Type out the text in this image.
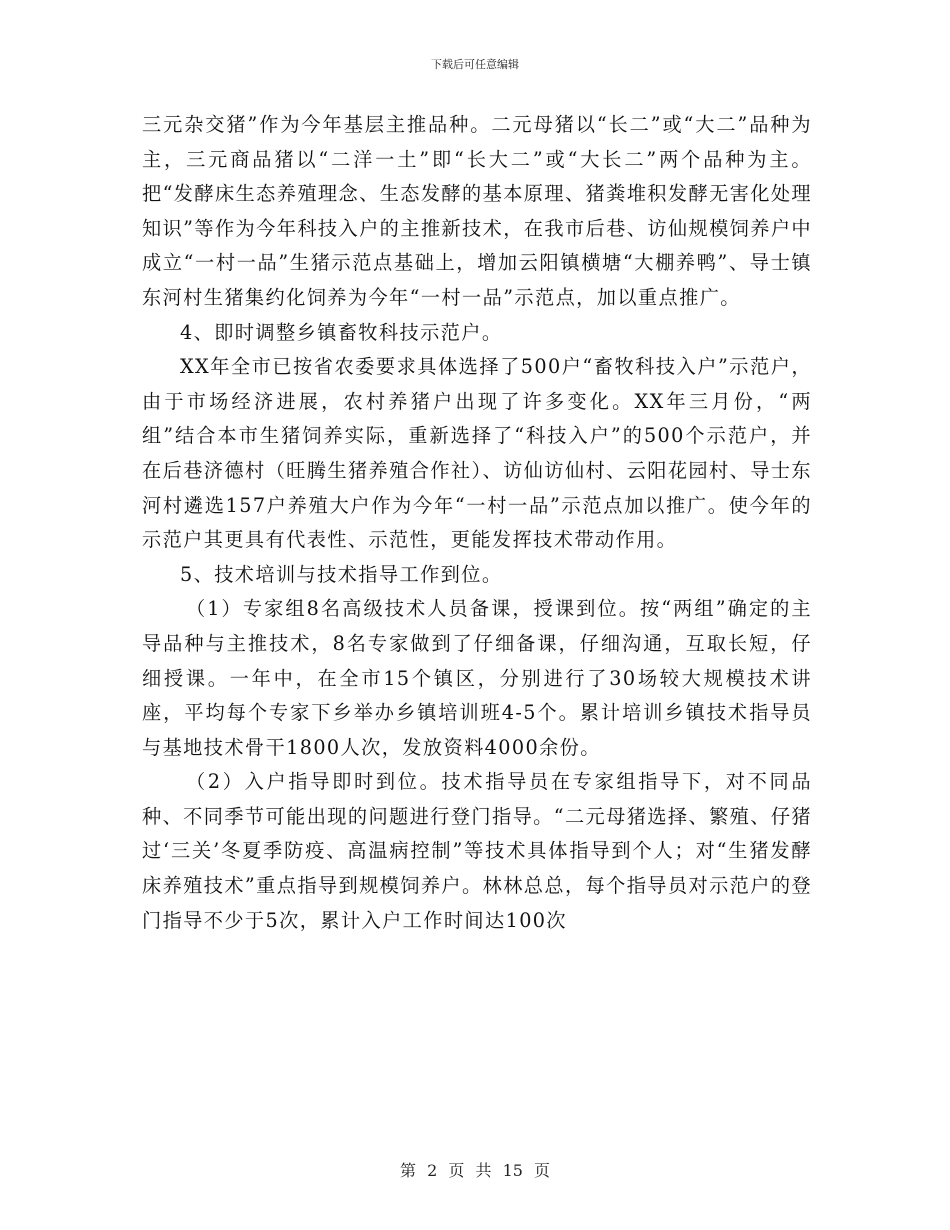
下载后可任意编辑

三元杂交猪”作为今年基层主推品种。二元母猪以“长二”或“大二”品种为主，三元商品猪以“二洋一土”即“长大二”或“大长二”两个品种为主。把“发酵床生态养殖理念、生态发酵的基本原理、猪粪堆积发酵无害化处理知识”等作为今年科技入户的主推新技术，在我市后巷、访仙规模饲养户中成立“一村一品”生猪示范点基础上，增加云阳镇横塘“大棚养鸭”、导士镇东河村生猪集约化饲养为今年“一村一品”示范点，加以重点推广。

4、即时调整乡镇畜牧科技示范户。

XX年全市已按省农委要求具体选择了500户“畜牧科技入户”示范户，由于市场经济进展，农村养猪户出现了许多变化。XX年三月份，“两组”结合本市生猪饲养实际，重新选择了“科技入户”的500个示范户，并在后巷济德村（旺腾生猪养殖合作社）、访仙访仙村、云阳花园村、导士东河村遴选157户养殖大户作为今年“一村一品”示范点加以推广。使今年的示范户其更具有代表性、示范性，更能发挥技术带动作用。

5、技术培训与技术指导工作到位。

（1）专家组8名高级技术人员备课，授课到位。按“两组”确定的主导品种与主推技术，8名专家做到了仔细备课，仔细沟通，互取长短，仔细授课。一年中，在全市15个镇区，分别进行了30场较大规模技术讲座，平均每个专家下乡举办乡镇培训班4-5个。累计培训乡镇技术指导员与基地技术骨干1800人次，发放资料4000余份。

（2）入户指导即时到位。技术指导员在专家组指导下，对不同品种、不同季节可能出现的问题进行登门指导。“二元母猪选择、繁殖、仔猪过‘三关’冬夏季防疫、高温病控制”等技术具体指导到个人；对“生猪发酵床养殖技术”重点指导到规模饲养户。林林总总，每个指导员对示范户的登门指导不少于5次，累计入户工作时间达100次

第 2 页 共 15 页
